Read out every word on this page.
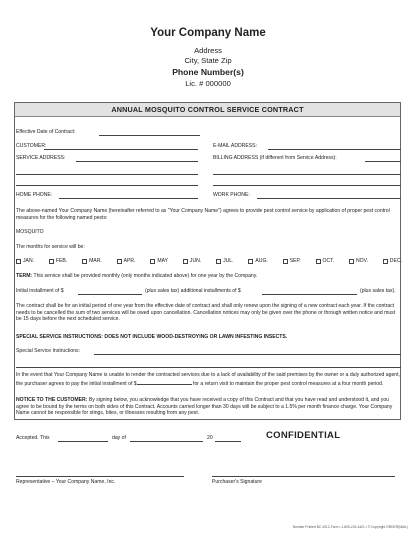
Your Company Name
Address
City, State Zip
Phone Number(s)
Lic. # 000000
ANNUAL MOSQUITO CONTROL SERVICE CONTRACT
Effective Date of Contract:
CUSTOMER:	E-MAIL ADDRESS:
SERVICE ADDRESS:	BILLING ADDRESS (if different from Service Address):
HOME PHONE:	WORK PHONE:
The above-named Your Company Name (hereinafter referred to as "Your Company Name") agrees to provide pest control service by application of proper pest control measures for the following named pests:
MOSQUITO
The months for service will be:
JAN.	FEB.	MAR.	APR.	MAY	JUN.	JUL.	AUG.	SEP.	OCT.	NOV.	DEC.
TERM: This service shall be provided monthly (only months indicated above) for one year by the Company.
Initial installment of $	(plus sales tax) additional installments of $	(plus sales tax).
The contract shall be for an initial period of one year from the effective date of contract and shall only renew upon the signing of a new contract each year. If the contract needs to be cancelled the sum of two services will be owed upon cancellation. Cancellation notices may only be given over the phone or through written notice and must be 15 days before the next scheduled service.
SPECIAL SERVICE INSTRUCTIONS: DOES NOT INCLUDE WOOD-DESTROYING OR LAWN INFESTING INSECTS.
Special Service Instructions:
In the event that Your Company Name is unable to render the contracted services due to a lack of availability of the said premises by the owner or a duly authorized agent, the purchaser agrees to pay the initial installment of $	for a return visit to maintain the proper pest control measures at a four month period.
NOTICE TO THE CUSTOMER: By signing below, you acknowledge that you have received a copy of this Contract and that you have read and understood it, and you agree to be bound by the terms on both sides of this Contract. Accounts carried longer than 30 days will be subject to a 1.5% per month finance charge. Your Company Name cannot be responsible for stings, bites, or illnesses resulting from any pest.
Accepted. This	day of	20	CONFIDENTIAL
Representative – Your Company Name, Inc.	Purchaser's Signature
Number Printed BC 4012-Form • 1-800-232-4421 • © Copyright ORDER(MAIL)
